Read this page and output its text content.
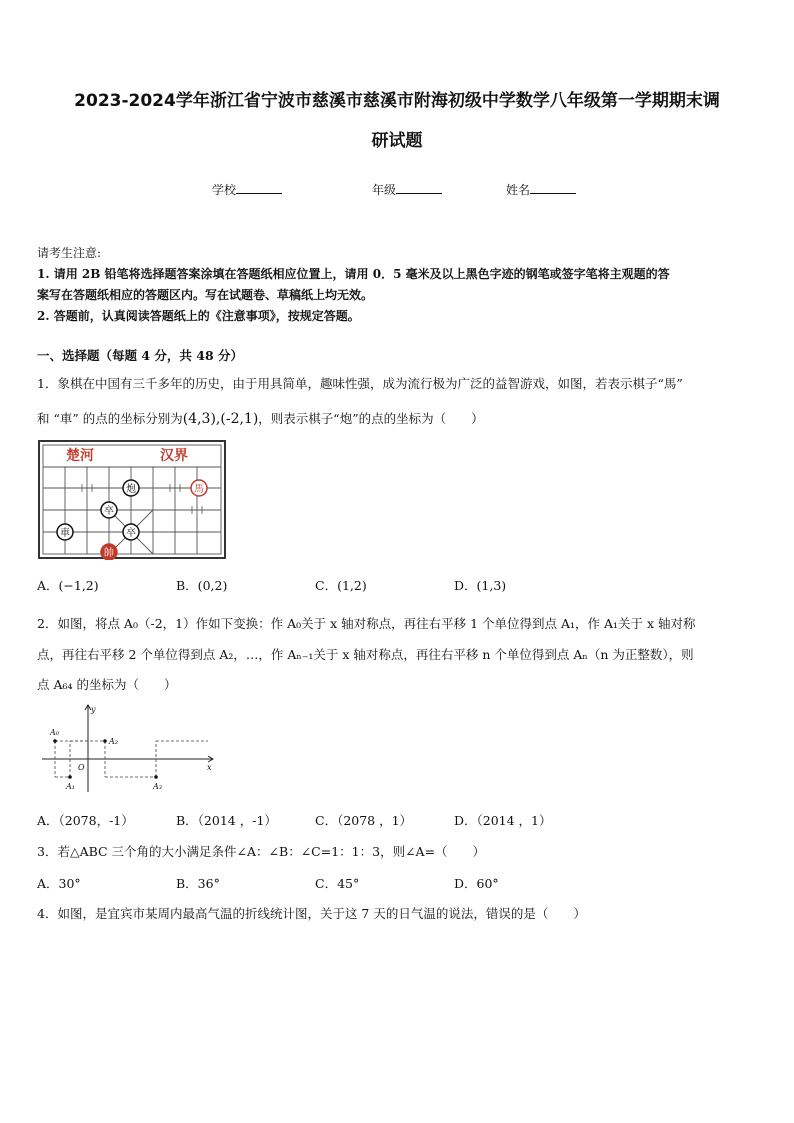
2023-2024学年浙江省宁波市慈溪市慈溪市附海初级中学数学八年级第一学期期末调
研试题
学校	年级	姓名
请考生注意:
1. 请用 2B 铅笔将选择题答案涂填在答题纸相应位置上，请用 0．5 毫米及以上黑色字迹的钢笔或签字笔将主观题的答
案写在答题纸相应的答题区内。写在试题卷、草稿纸上均无效。
2. 答题前，认真阅读答题纸上的《注意事项》，按规定答题。
一、选择题（每题 4 分，共 48 分）
1．象棋在中国有三千多年的历史，由于用具简单，趣味性强，成为流行极为广泛的益智游戏，如图，若表示棋子“馬”
和 “車” 的点的坐标分别为(4,3),(-2,1)，则表示棋子“炮”的点的坐标为（　　）
楚河	汉界
炮	馬
卒
車	卒
帥
A．(−1,2)	B．(0,2)	C．(1,2)	D．(1,3)
2．如图，将点 A₀（-2，1）作如下变换：作 A₀关于 x 轴对称点，再往右平移 1 个单位得到点 A₁，作 A₁关于 x 轴对称
点，再往右平移 2 个单位得到点 A₂，…，作 Aₙ₋₁关于 x 轴对称点，再往右平移 n 个单位得到点 Aₙ（n 为正整数），则
点 A₆₄ 的坐标为（　　）
y
x
O
A₀
A₁
A₂
A₃
A．（2078，-1）	B．（2014 ，-1）	C．（2078 ，1）	D．（2014 ，1）
3．若△ABC 三个角的大小满足条件∠A：∠B：∠C=1：1：3，则∠A=（　　）
A．30°	B．36°	C．45°	D．60°
4．如图，是宜宾市某周内最高气温的折线统计图，关于这 7 天的日气温的说法，错误的是（　　）
